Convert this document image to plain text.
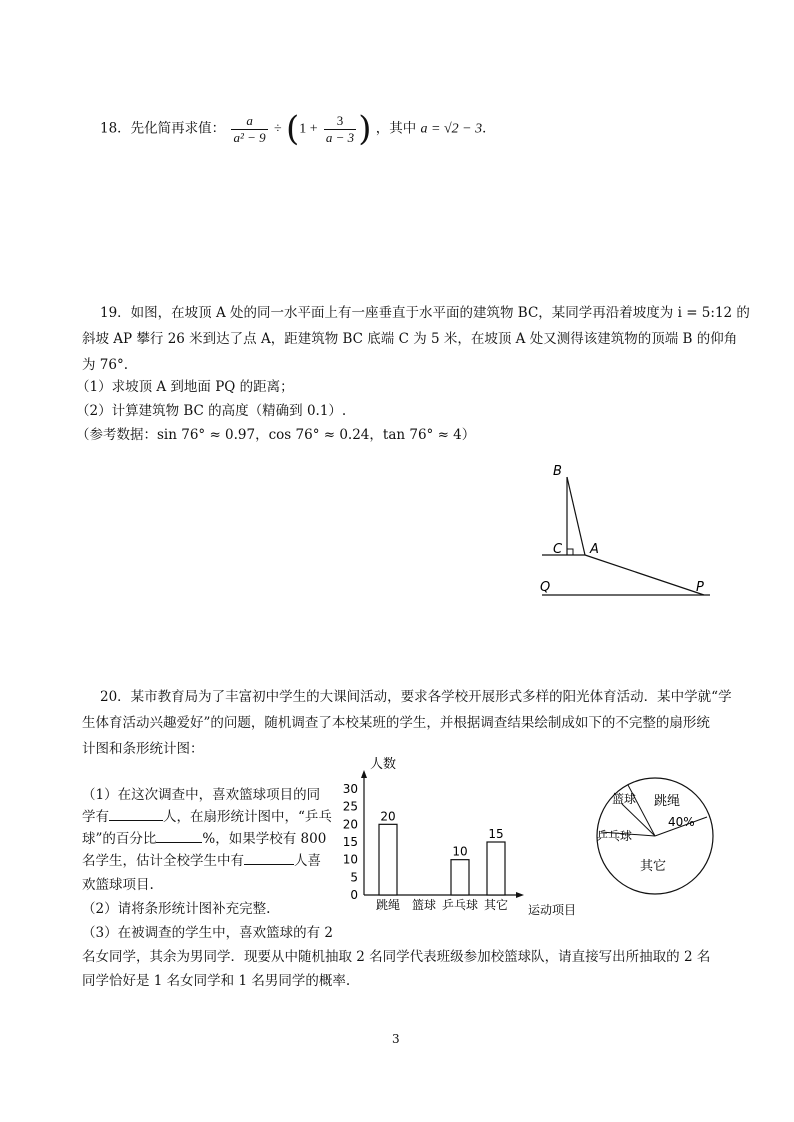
18．先化简再求值： $\frac{a}{\text{a² − 9}} \div (1 + \frac{3}{a - 3}$ ) ，其中 a = √2 − 3．
19．如图，在坡顶 A 处的同一水平面上有一座垂直于水平面的建筑物 BC，某同学再沿着坡度为 i = 5:12 的
斜坡 AP 攀行 26 米到达了点 A，距建筑物 BC 底端 C 为 5 米，在坡顶 A 处又测得该建筑物的顶端 B 的仰角
为 76°.
（1）求坡顶 A 到地面 PQ 的距离；
（2）计算建筑物 BC 的高度（精确到 0.1）.
（参考数据：sin 76° ≈ 0.97，cos 76° ≈ 0.24，tan 76° ≈ 4）
B
C A
Q	P
20．某市教育局为了丰富初中学生的大课间活动，要求各学校开展形式多样的阳光体育活动．某中学就“学
生体育活动兴趣爱好”的问题，随机调查了本校某班的学生，并根据调查结果绘制成如下的不完整的扇形统
计图和条形统计图：
（1）在这次调查中，喜欢篮球项目的同
学有	人，在扇形统计图中，“乒乓
球”的百分比	%，如果学校有 800
名学生，估计全校学生中有	人喜
欢篮球项目.
（2）请将条形统计图补充完整.
（3）在被调查的学生中，喜欢篮球的有 2
名女同学，其余为男同学．现要从中随机抽取 2 名同学代表班级参加校篮球队，请直接写出所抽取的 2 名
同学恰好是 1 名女同学和 1 名男同学的概率.
0
5
10
15
20
25
30
跳绳
20
篮球 乒乓球
10
其它
15
人数
运动项目
篮球 跳绳
40%
乒乓球
其它
3
